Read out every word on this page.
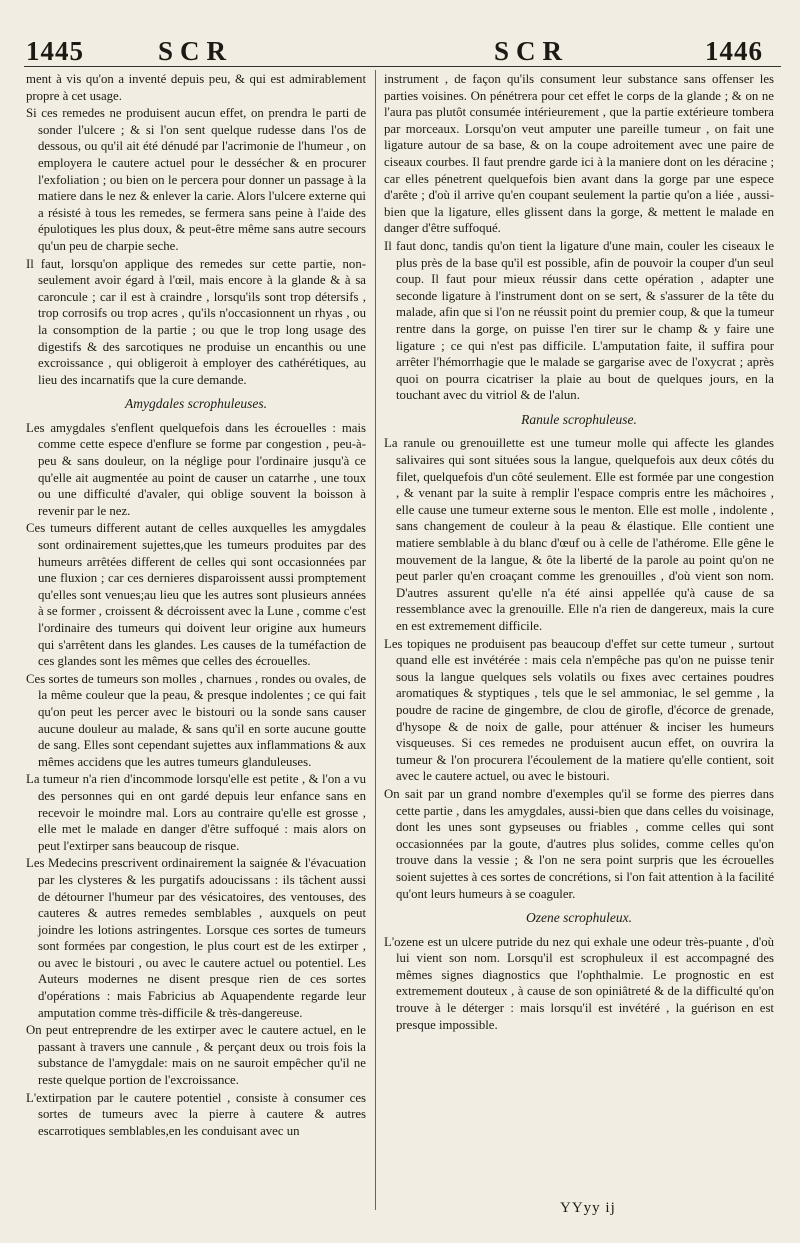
1445	SCR	SCR	1446

ment à vis qu'on a inventé depuis peu, & qui est admirablement propre à cet usage.

Si ces remedes ne produisent aucun effet, on prendra le parti de sonder l'ulcere ; & si l'on sent quelque rudesse dans l'os de dessous, ou qu'il ait été dénudé par l'acrimonie de l'humeur , on employera le cautere actuel pour le dessécher & en procurer l'exfoliation ; ou bien on le percera pour donner un passage à la matiere dans le nez & enlever la carie. Alors l'ulcere externe qui a résisté à tous les remedes, se fermera sans peine à l'aide des épulotiques les plus doux, & peut-être même sans autre secours qu'un peu de charpie seche.

Il faut, lorsqu'on applique des remedes sur cette partie, non-seulement avoir égard à l'œil, mais encore à la glande & à sa caroncule ; car il est à craindre , lorsqu'ils sont trop détersifs , trop corrosifs ou trop acres , qu'ils n'occasionnent un rhyas , ou la consomption de la partie ; ou que le trop long usage des digestifs & des sarcotiques ne produise un encanthis ou une excroissance , qui obligeroit à employer des cathérétiques, au lieu des incarnatifs que la cure demande.

Amygdales scrophuleuses.

Les amygdales s'enflent quelquefois dans les écrouelles : mais comme cette espece d'enflure se forme par congestion , peu-à-peu & sans douleur, on la néglige pour l'ordinaire jusqu'à ce qu'elle ait augmentée au point de causer un catarrhe , une toux ou une difficulté d'avaler, qui oblige souvent la boisson à revenir par le nez.

Ces tumeurs different autant de celles auxquelles les amygdales sont ordinairement sujettes,que les tumeurs produites par des humeurs arrêtées different de celles qui sont occasionnées par une fluxion ; car ces dernieres disparoissent aussi promptement qu'elles sont venues;au lieu que les autres sont plusieurs années à se former , croissent & décroissent avec la Lune , comme c'est l'ordinaire des tumeurs qui doivent leur origine aux humeurs qui s'arrêtent dans les glandes. Les causes de la tuméfaction de ces glandes sont les mêmes que celles des écrouelles.

Ces sortes de tumeurs son molles , charnues , rondes ou ovales, de la même couleur que la peau, & presque indolentes ; ce qui fait qu'on peut les percer avec le bistouri ou la sonde sans causer aucune douleur au malade, & sans qu'il en sorte aucune goutte de sang. Elles sont cependant sujettes aux inflammations & aux mêmes accidens que les autres tumeurs glanduleuses.

La tumeur n'a rien d'incommode lorsqu'elle est petite , & l'on a vu des personnes qui en ont gardé depuis leur enfance sans en recevoir le moindre mal. Lors au contraire qu'elle est grosse , elle met le malade en danger d'être suffoqué : mais alors on peut l'extirper sans beaucoup de risque.

Les Medecins prescrivent ordinairement la saignée & l'évacuation par les clysteres & les purgatifs adoucissans : ils tâchent aussi de détourner l'humeur par des vésicatoires, des ventouses, des cauteres & autres remedes semblables , auxquels on peut joindre les lotions astringentes. Lorsque ces sortes de tumeurs sont formées par congestion, le plus court est de les extirper , ou avec le bistouri , ou avec le cautere actuel ou potentiel. Les Auteurs modernes ne disent presque rien de ces sortes d'opérations : mais Fabricius ab Aquapendente regarde leur amputation comme très-difficile & très-dangereuse.

On peut entreprendre de les extirper avec le cautere actuel, en le passant à travers une cannule , & perçant deux ou trois fois la substance de l'amygdale: mais on ne sauroit empêcher qu'il ne reste quelque portion de l'excroissance.

L'extirpation par le cautere potentiel , consiste à consumer ces sortes de tumeurs avec la pierre à cautere & autres escarrotiques semblables,en les conduisant avec un

instrument , de façon qu'ils consument leur substance sans offenser les parties voisines. On pénétrera pour cet effet le corps de la glande ; & on ne l'aura pas plutôt consumée intérieurement , que la partie extérieure tombera par morceaux. Lorsqu'on veut amputer une pareille tumeur , on fait une ligature autour de sa base, & on la coupe adroitement avec une paire de ciseaux courbes. Il faut prendre garde ici à la maniere dont on les déracine ; car elles pénetrent quelquefois bien avant dans la gorge par une espece d'arête ; d'où il arrive qu'en coupant seulement la partie qu'on a liée , aussi-bien que la ligature, elles glissent dans la gorge, & mettent le malade en danger d'être suffoqué.

Il faut donc, tandis qu'on tient la ligature d'une main, couler les ciseaux le plus près de la base qu'il est possible, afin de pouvoir la couper d'un seul coup. Il faut pour mieux réussir dans cette opération , adapter une seconde ligature à l'instrument dont on se sert, & s'assurer de la tête du malade, afin que si l'on ne réussit point du premier coup, & que la tumeur rentre dans la gorge, on puisse l'en tirer sur le champ & y faire une ligature ; ce qui n'est pas difficile. L'amputation faite, il suffira pour arrêter l'hémorrhagie que le malade se gargarise avec de l'oxycrat ; après quoi on pourra cicatriser la plaie au bout de quelques jours, en la touchant avec du vitriol & de l'alun.

Ranule scrophuleuse.

La ranule ou grenouillette est une tumeur molle qui affecte les glandes salivaires qui sont situées sous la langue, quelquefois aux deux côtés du filet, quelquefois d'un côté seulement. Elle est formée par une congestion , & venant par la suite à remplir l'espace compris entre les mâchoires , elle cause une tumeur externe sous le menton. Elle est molle , indolente , sans changement de couleur à la peau & élastique. Elle contient une matiere semblable à du blanc d'œuf ou à celle de l'athérome. Elle gêne le mouvement de la langue, & ôte la liberté de la parole au point qu'on ne peut parler qu'en croaçant comme les grenouilles , d'où vient son nom. D'autres assurent qu'elle n'a été ainsi appellée qu'à cause de sa ressemblance avec la grenouille. Elle n'a rien de dangereux, mais la cure en est extremement difficile.

Les topiques ne produisent pas beaucoup d'effet sur cette tumeur , surtout quand elle est invétérée : mais cela n'empêche pas qu'on ne puisse tenir sous la langue quelques sels volatils ou fixes avec certaines poudres aromatiques & styptiques , tels que le sel ammoniac, le sel gemme , la poudre de racine de gingembre, de clou de girofle, d'écorce de grenade, d'hysope & de noix de galle, pour atténuer & inciser les humeurs visqueuses. Si ces remedes ne produisent aucun effet, on ouvrira la tumeur & l'on procurera l'écoulement de la matiere qu'elle contient, soit avec le cautere actuel, ou avec le bistouri.

On sait par un grand nombre d'exemples qu'il se forme des pierres dans cette partie , dans les amygdales, aussi-bien que dans celles du voisinage, dont les unes sont gypseuses ou friables , comme celles qui sont occasionnées par la goute, d'autres plus solides, comme celles qu'on trouve dans la vessie ; & l'on ne sera point surpris que les écrouelles soient sujettes à ces sortes de concrétions, si l'on fait attention à la facilité qu'ont leurs humeurs à se coaguler.

Ozene scrophuleux.

L'ozene est un ulcere putride du nez qui exhale une odeur très-puante , d'où lui vient son nom. Lorsqu'il est scrophuleux il est accompagné des mêmes signes diagnostics que l'ophthalmie. Le prognostic en est extremement douteux , à cause de son opiniâtreté & de la difficulté qu'on trouve à le déterger : mais lorsqu'il est invétéré , la guérison en est presque impossible.

YYyy ij
